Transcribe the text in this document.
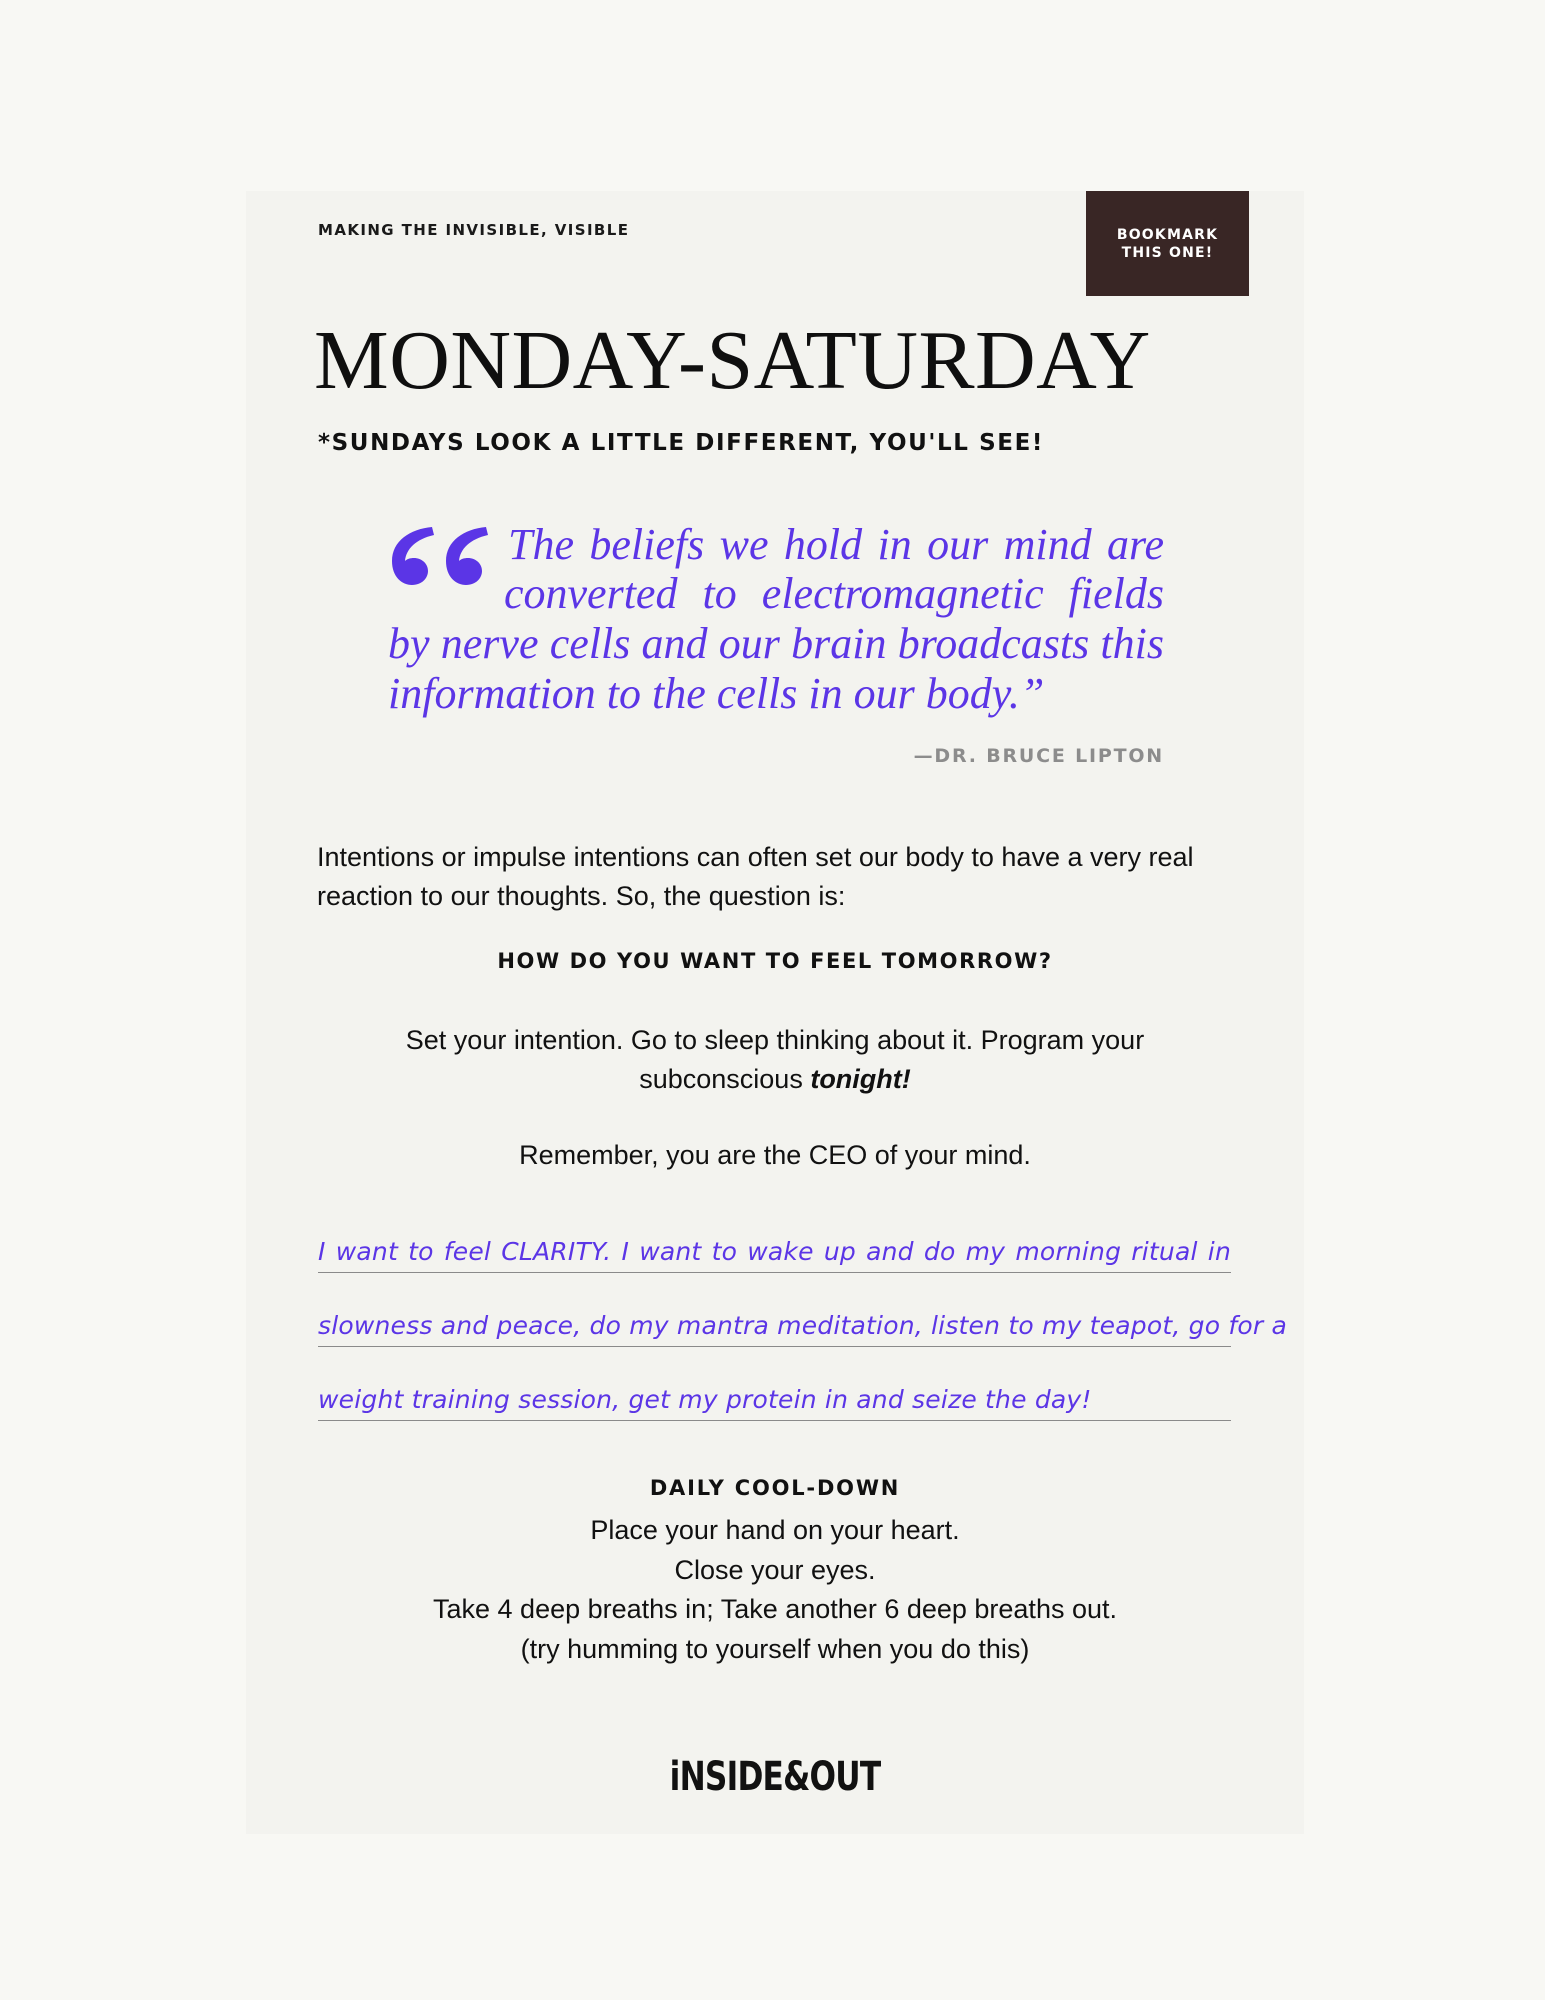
MAKING THE INVISIBLE, VISIBLE	BOOKMARK
THIS ONE!
MONDAY-SATURDAY
*SUNDAYS LOOK A LITTLE DIFFERENT, YOU'LL SEE!
The beliefs we hold in our mind are
converted to electromagnetic fields
by nerve cells and our brain broadcasts this
information to the cells in our body.”
—DR. BRUCE LIPTON
Intentions or impulse intentions can often set our body to have a very real reaction to our thoughts. So, the question is:
HOW DO YOU WANT TO FEEL TOMORROW?
Set your intention. Go to sleep thinking about it. Program your
subconscious tonight!
Remember, you are the CEO of your mind.
I want to feel CLARITY. I want to wake up and do my morning ritual in
slowness and peace, do my mantra meditation, listen to my teapot, go for a
weight training session, get my protein in and seize the day!
DAILY COOL-DOWN
Place your hand on your heart.
Close your eyes.
Take 4 deep breaths in; Take another 6 deep breaths out.
(try humming to yourself when you do this)
iNSIDE&OUT
